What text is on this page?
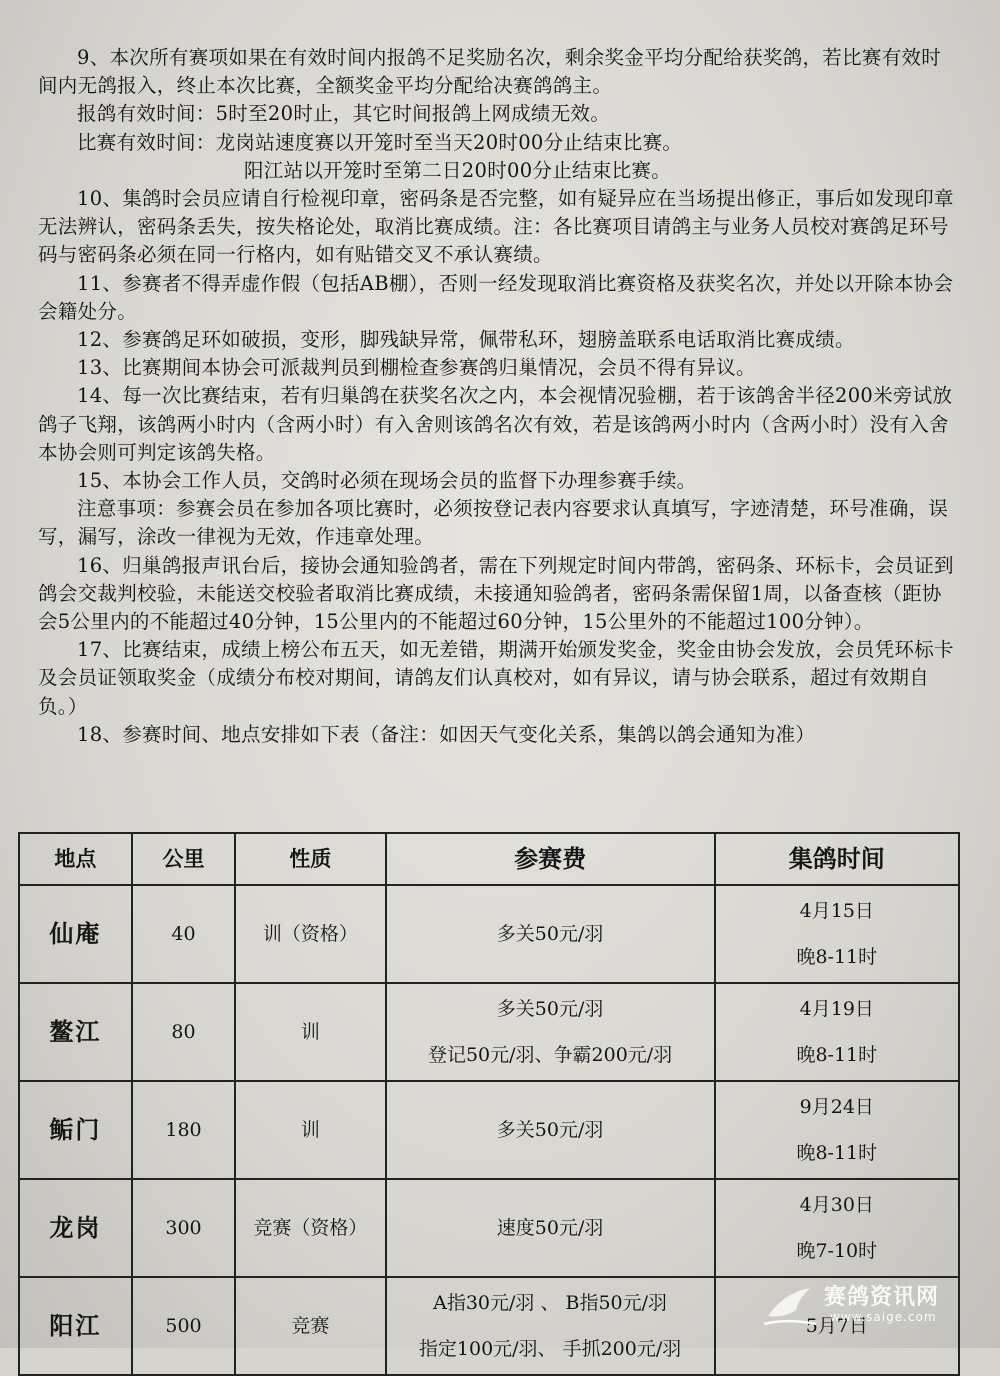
9、本次所有赛项如果在有效时间内报鸽不足奖励名次，剩余奖金平均分配给获奖鸽，若比赛有效时间内无鸽报入，终止本次比赛，全额奖金平均分配给决赛鸽鸽主。

报鸽有效时间：5时至20时止，其它时间报鸽上网成绩无效。

比赛有效时间：龙岗站速度赛以开笼时至当天20时00分止结束比赛。

阳江站以开笼时至第二日20时00分止结束比赛。

10、集鸽时会员应请自行检视印章，密码条是否完整，如有疑异应在当场提出修正，事后如发现印章无法辨认，密码条丢失，按失格论处，取消比赛成绩。注：各比赛项目请鸽主与业务人员校对赛鸽足环号码与密码条必须在同一行格内，如有贴错交叉不承认赛绩。

11、参赛者不得弄虚作假（包括AB棚），否则一经发现取消比赛资格及获奖名次，并处以开除本协会会籍处分。

12、参赛鸽足环如破损，变形，脚残缺异常，佩带私环，翅膀盖联系电话取消比赛成绩。

13、比赛期间本协会可派裁判员到棚检查参赛鸽归巢情况，会员不得有异议。

14、每一次比赛结束，若有归巢鸽在获奖名次之内，本会视情况验棚，若于该鸽舍半径200米旁试放鸽子飞翔，该鸽两小时内（含两小时）有入舍则该鸽名次有效，若是该鸽两小时内（含两小时）没有入舍本协会则可判定该鸽失格。

15、本协会工作人员，交鸽时必须在现场会员的监督下办理参赛手续。

注意事项：参赛会员在参加各项比赛时，必须按登记表内容要求认真填写，字迹清楚，环号准确，误写，漏写，涂改一律视为无效，作违章处理。

16、归巢鸽报声讯台后，接协会通知验鸽者，需在下列规定时间内带鸽，密码条、环标卡，会员证到鸽会交裁判校验，未能送交校验者取消比赛成绩，未接通知验鸽者，密码条需保留1周，以备查核（距协会5公里内的不能超过40分钟，15公里内的不能超过60分钟，15公里外的不能超过100分钟）。

17、比赛结束，成绩上榜公布五天，如无差错，期满开始颁发奖金，奖金由协会发放，会员凭环标卡及会员证领取奖金（成绩分布校对期间，请鸽友们认真校对，如有异议，请与协会联系，超过有效期自负。）

18、参赛时间、地点安排如下表（备注：如因天气变化关系，集鸽以鸽会通知为准）

地点	公里	性质	参赛费	集鸽时间
仙庵	40	训（资格）	多关50元/羽	4月15日
晚8-11时

鳌江	80	训	多关50元/羽
登记50元/羽、争霸200元/羽	4月19日
晚8-11时

鲘门	180	训	多关50元/羽	9月24日
晚8-11时

龙岗	300	竞赛（资格）	速度50元/羽	4月30日
晚7-10时

阳江	500	竞赛	A指30元/羽 、 B指50元/羽
指定100元/羽、 手抓200元/羽	5月7日
赛鸽资讯网
www.saige.com
